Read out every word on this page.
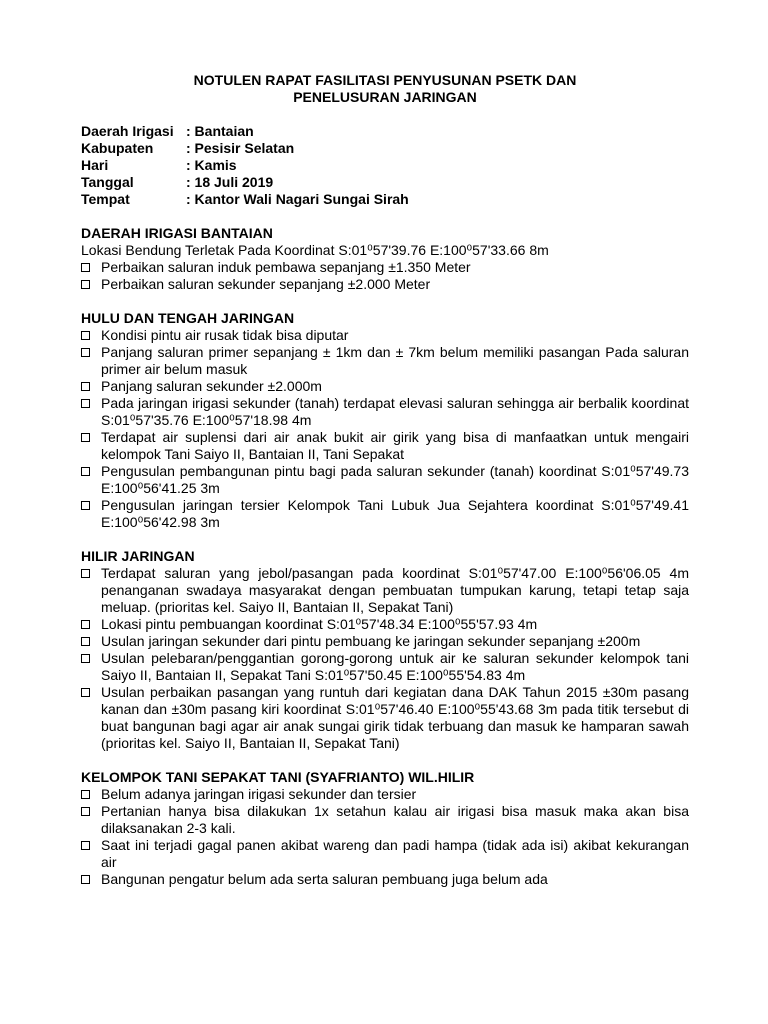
NOTULEN RAPAT FASILITASI PENYUSUNAN PSETK DAN
PENELUSURAN JARINGAN
Daerah Irigasi : Bantaian
Kabupaten	: Pesisir Selatan
Hari	: Kamis
Tanggal	: 18 Juli 2019
Tempat	: Kantor Wali Nagari Sungai Sirah
DAERAH IRIGASI BANTAIAN
Lokasi Bendung Terletak Pada Koordinat S:01⁰57'39.76 E:100⁰57'33.66 8m
Perbaikan saluran induk pembawa sepanjang ±1.350 Meter
Perbaikan saluran sekunder sepanjang ±2.000 Meter
HULU DAN TENGAH JARINGAN
Kondisi pintu air rusak tidak bisa diputar
Panjang saluran primer sepanjang ± 1km dan ± 7km belum memiliki pasangan Pada saluran primer air belum masuk
Panjang saluran sekunder ±2.000m
Pada jaringan irigasi sekunder (tanah) terdapat elevasi saluran sehingga air berbalik koordinat S:01⁰57'35.76 E:100⁰57'18.98 4m
Terdapat air suplensi dari air anak bukit air girik yang bisa di manfaatkan untuk mengairi kelompok Tani Saiyo II, Bantaian II, Tani Sepakat
Pengusulan pembangunan pintu bagi pada saluran sekunder (tanah) koordinat S:01⁰57'49.73 E:100⁰56'41.25 3m
Pengusulan jaringan tersier Kelompok Tani Lubuk Jua Sejahtera koordinat S:01⁰57'49.41 E:100⁰56'42.98 3m
HILIR JARINGAN
Terdapat saluran yang jebol/pasangan pada koordinat S:01⁰57'47.00 E:100⁰56'06.05 4m penanganan swadaya masyarakat dengan pembuatan tumpukan karung, tetapi tetap saja meluap. (prioritas kel. Saiyo II, Bantaian II, Sepakat Tani)
Lokasi pintu pembuangan koordinat S:01⁰57'48.34 E:100⁰55'57.93 4m
Usulan jaringan sekunder dari pintu pembuang ke jaringan sekunder sepanjang ±200m
Usulan pelebaran/penggantian gorong-gorong untuk air ke saluran sekunder kelompok tani Saiyo II, Bantaian II, Sepakat Tani S:01⁰57'50.45 E:100⁰55'54.83 4m
Usulan perbaikan pasangan yang runtuh dari kegiatan dana DAK Tahun 2015 ±30m pasang kanan dan ±30m pasang kiri koordinat S:01⁰57'46.40 E:100⁰55'43.68 3m pada titik tersebut di buat bangunan bagi agar air anak sungai girik tidak terbuang dan masuk ke hamparan sawah (prioritas kel. Saiyo II, Bantaian II, Sepakat Tani)
KELOMPOK TANI SEPAKAT TANI (SYAFRIANTO) WIL.HILIR
Belum adanya jaringan irigasi sekunder dan tersier
Pertanian hanya bisa dilakukan 1x setahun kalau air irigasi bisa masuk maka akan bisa dilaksanakan 2-3 kali.
Saat ini terjadi gagal panen akibat wareng dan padi hampa (tidak ada isi) akibat kekurangan air
Bangunan pengatur belum ada serta saluran pembuang juga belum ada
